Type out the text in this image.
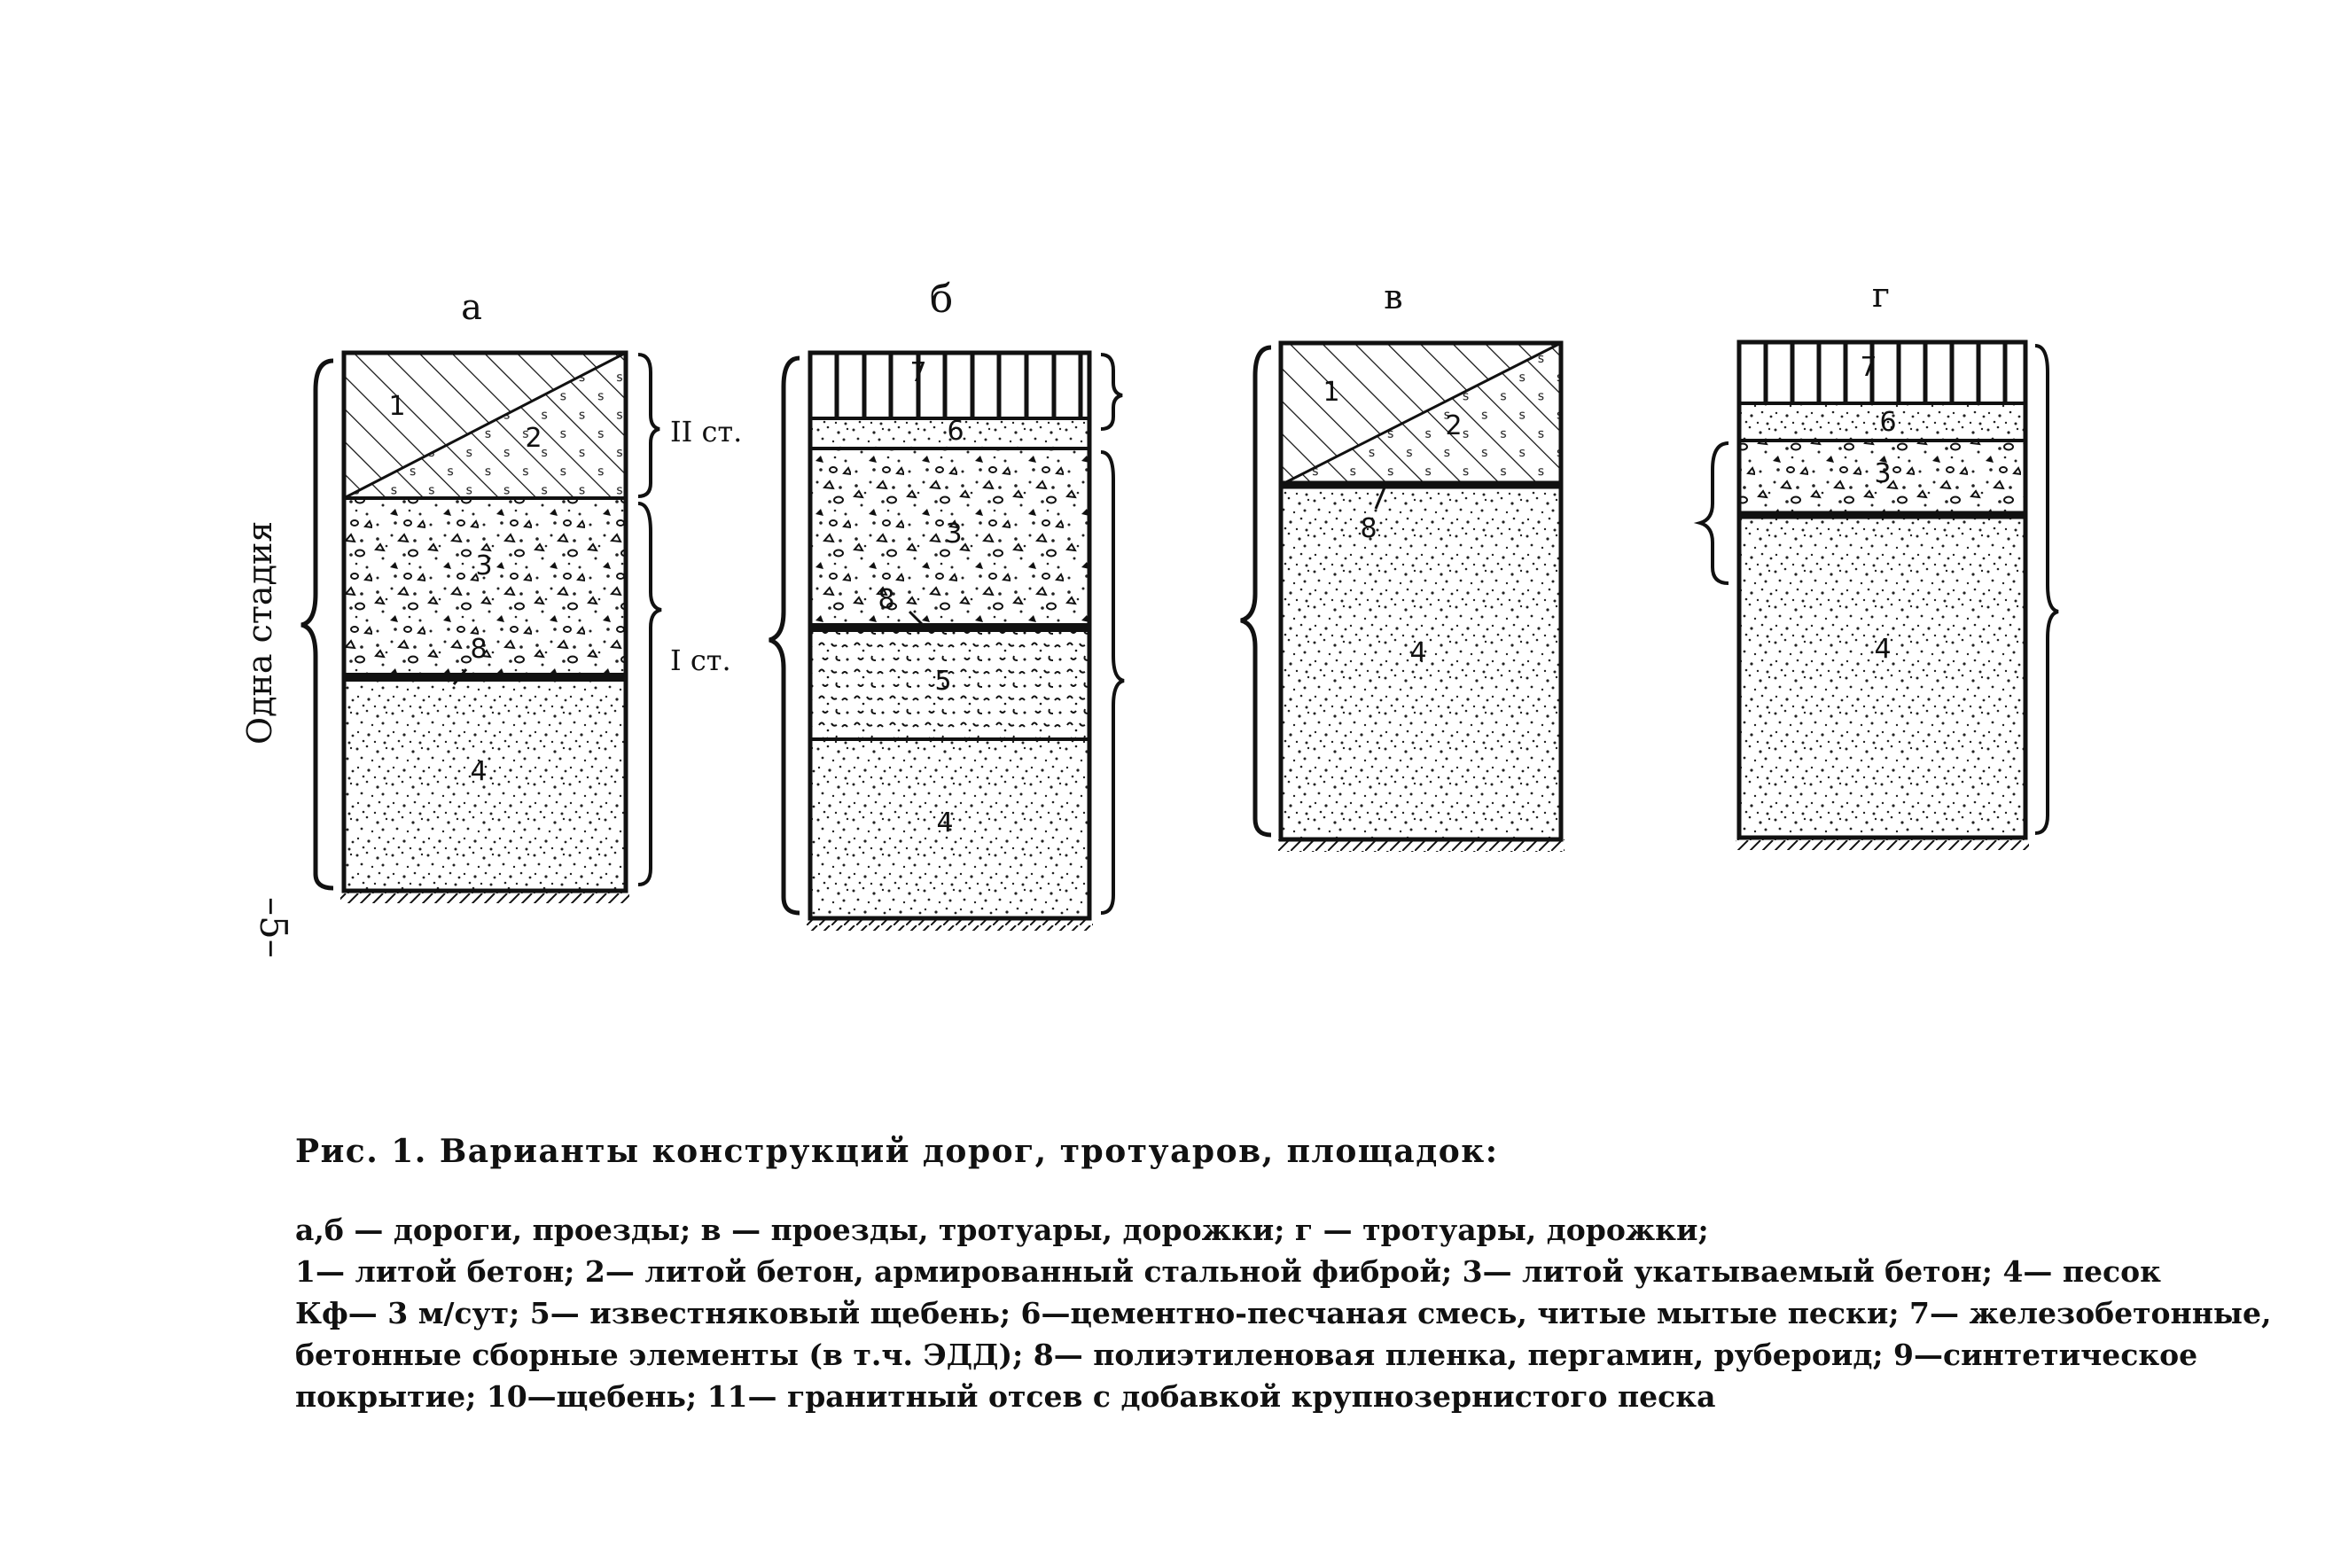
а	б	в	г
II ст.
I ст.
1
2
3
8
4
7
6
3
8
5
4
1
2
8
4
7
6
3
4
Одна стадия
–5–
Рис. 1. Варианты конструкций дорог, тротуаров, площадок:
а,б — дороги, проезды; в — проезды, тротуары, дорожки; г — тротуары, дорожки;
1— литой бетон; 2— литой бетон, армированный стальной фиброй; 3— литой укатываемый бетон; 4— песок
Кф— 3 м/сут; 5— известняковый щебень; 6—цементно-песчаная смесь, читые мытые пески; 7— железобетонные,
бетонные сборные элементы (в т.ч. ЭДД); 8— полиэтиленовая пленка, пергамин, рубероид; 9—синтетическое
покрытие; 10—щебень; 11— гранитный отсев с добавкой крупнозернистого песка
